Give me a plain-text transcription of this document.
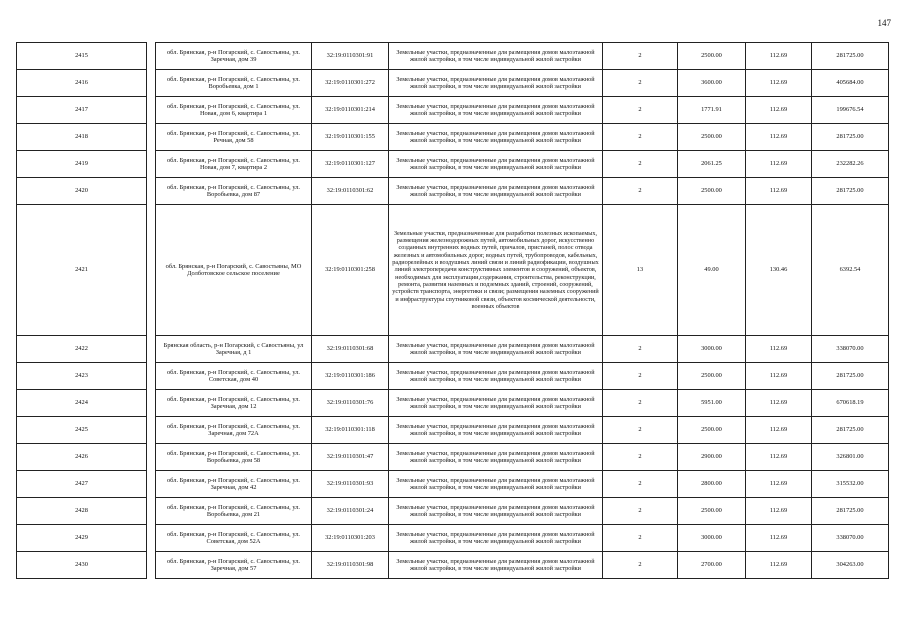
147
2415		обл. Брянская, р-н Погарский, с. Савостьяны, ул. Заречная, дом 39	32:19:0110301:91	Земельные участки, предназначенные для размещения домов малоэтажной жилой застройки, в том числе индивидуальной жилой застройки	2	2500.00	112.69	281725.00
2416		обл. Брянская, р-н Погарский, с. Савостьяны, ул. Воробьевка, дом 1	32:19:0110301:272	Земельные участки, предназначенные для размещения домов малоэтажной жилой застройки, в том числе индивидуальной жилой застройки	2	3600.00	112.69	405684.00
2417		обл. Брянская, р-н Погарский, с. Савостьяны, ул. Новая, дом 6, квартира 1	32:19:0110301:214	Земельные участки, предназначенные для размещения домов малоэтажной жилой застройки, в том числе индивидуальной жилой застройки	2	1771.91	112.69	199676.54
2418		обл. Брянская, р-н Погарский, с. Савостьяны, ул. Речная, дом 58	32:19:0110301:155	Земельные участки, предназначенные для размещения домов малоэтажной жилой застройки, в том числе индивидуальной жилой застройки	2	2500.00	112.69	281725.00
2419		обл. Брянская, р-н Погарский, с. Савостьяны, ул. Новая, дом 7, квартира 2	32:19:0110301:127	Земельные участки, предназначенные для размещения домов малоэтажной жилой застройки, в том числе индивидуальной жилой застройки	2	2061.25	112.69	232282.26
2420		обл. Брянская, р-н Погарский, с. Савостьяны, ул. Воробьевка, дом 87	32:19:0110301:62	Земельные участки, предназначенные для размещения домов малоэтажной жилой застройки, в том числе индивидуальной жилой застройки	2	2500.00	112.69	281725.00
2421		обл. Брянская, р-н Погарский, с. Савостьяны, МО Долботовское сельское поселение	32:19:0110301:258	Земельные участки, предназначенные для разработки полезных ископаемых, размещения железнодорожных путей, автомобильных дорог, искусственно созданных внутренних водных путей, причалов, пристаней, полос отвода железных и автомобильных дорог, водных путей, трубопроводов, кабельных, радиорелейных и воздушных линий связи и линий радиофикации, воздушных линий электропередачи конструктивных элементов и сооружений, объектов, необходимых для эксплуатации,содержания, строительства, реконструкции, ремонта, развития наземных и подземных зданий, строений, сооружений, устройств транспорта, энергетики и связи; размещения наземных сооружений и инфраструктуры спутниковой связи, объектов космической деятельности, военных объектов	13	49.00	130.46	6392.54
2422		Брянская область, р-н Погарский, с Савостьяны, ул Заречная, д 1	32:19:0110301:68	Земельные участки, предназначенные для размещения домов малоэтажной жилой застройки, в том числе индивидуальной жилой застройки	2	3000.00	112.69	338070.00
2423		обл. Брянская, р-н Погарский, с. Савостьяны, ул. Советская, дом 40	32:19:0110301:186	Земельные участки, предназначенные для размещения домов малоэтажной жилой застройки, в том числе индивидуальной жилой застройки	2	2500.00	112.69	281725.00
2424		обл. Брянская, р-н Погарский, с. Савостьяны, ул. Заречная, дом 12	32:19:0110301:76	Земельные участки, предназначенные для размещения домов малоэтажной жилой застройки, в том числе индивидуальной жилой застройки	2	5951.00	112.69	670618.19
2425		обл. Брянская, р-н Погарский, с. Савостьяны, ул. Заречная, дом 72А	32:19:0110301:118	Земельные участки, предназначенные для размещения домов малоэтажной жилой застройки, в том числе индивидуальной жилой застройки	2	2500.00	112.69	281725.00
2426		обл. Брянская, р-н Погарский, с. Савостьяны, ул. Воробьевка, дом 58	32:19:0110301:47	Земельные участки, предназначенные для размещения домов малоэтажной жилой застройки, в том числе индивидуальной жилой застройки	2	2900.00	112.69	326801.00
2427		обл. Брянская, р-н Погарский, с. Савостьяны, ул. Заречная, дом 42	32:19:0110301:93	Земельные участки, предназначенные для размещения домов малоэтажной жилой застройки, в том числе индивидуальной жилой застройки	2	2800.00	112.69	315532.00
2428		обл. Брянская, р-н Погарский, с. Савостьяны, ул. Воробьевка, дом 21	32:19:0110301:24	Земельные участки, предназначенные для размещения домов малоэтажной жилой застройки, в том числе индивидуальной жилой застройки	2	2500.00	112.69	281725.00
2429		обл. Брянская, р-н Погарский, с. Савостьяны, ул. Советская, дом 52А	32:19:0110301:203	Земельные участки, предназначенные для размещения домов малоэтажной жилой застройки, в том числе индивидуальной жилой застройки	2	3000.00	112.69	338070.00
2430		обл. Брянская, р-н Погарский, с. Савостьяны, ул. Заречная, дом 57	32:19:0110301:98	Земельные участки, предназначенные для размещения домов малоэтажной жилой застройки, в том числе индивидуальной жилой застройки	2	2700.00	112.69	304263.00
